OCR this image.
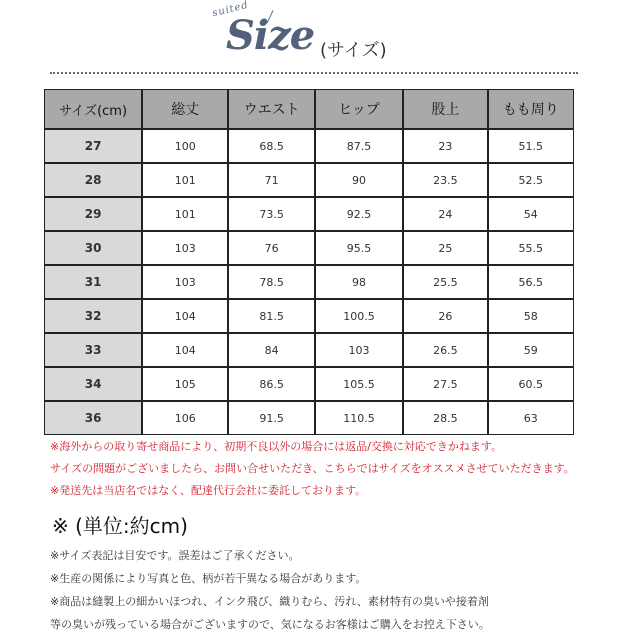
suited
Size (サイズ)
サイズ(cm)	総丈	ウエスト	ヒップ	股上	もも周り
27	100	68.5	87.5	23	51.5
28	101	71	90	23.5	52.5
29	101	73.5	92.5	24	54
30	103	76	95.5	25	55.5
31	103	78.5	98	25.5	56.5
32	104	81.5	100.5	26	58
33	104	84	103	26.5	59
34	105	86.5	105.5	27.5	60.5
36	106	91.5	110.5	28.5	63
※海外からの取り寄せ商品により、初期不良以外の場合には返品/交換に対応できかねます。
サイズの問題がございましたら、お問い合せいただき、こちらではサイズをオススメさせていただきます。
※発送先は当店名ではなく、配達代行会社に委託しております。
※ (単位:約cm)
※サイズ表記は目安です。誤差はご了承ください。
※生産の関係により写真と色、柄が若干異なる場合があります。
※商品は縫製上の細かいほつれ、インク飛び、織りむら、汚れ、素材特有の臭いや接着剤
等の臭いが残っている場合がございますので、気になるお客様はご購入をお控え下さい。
